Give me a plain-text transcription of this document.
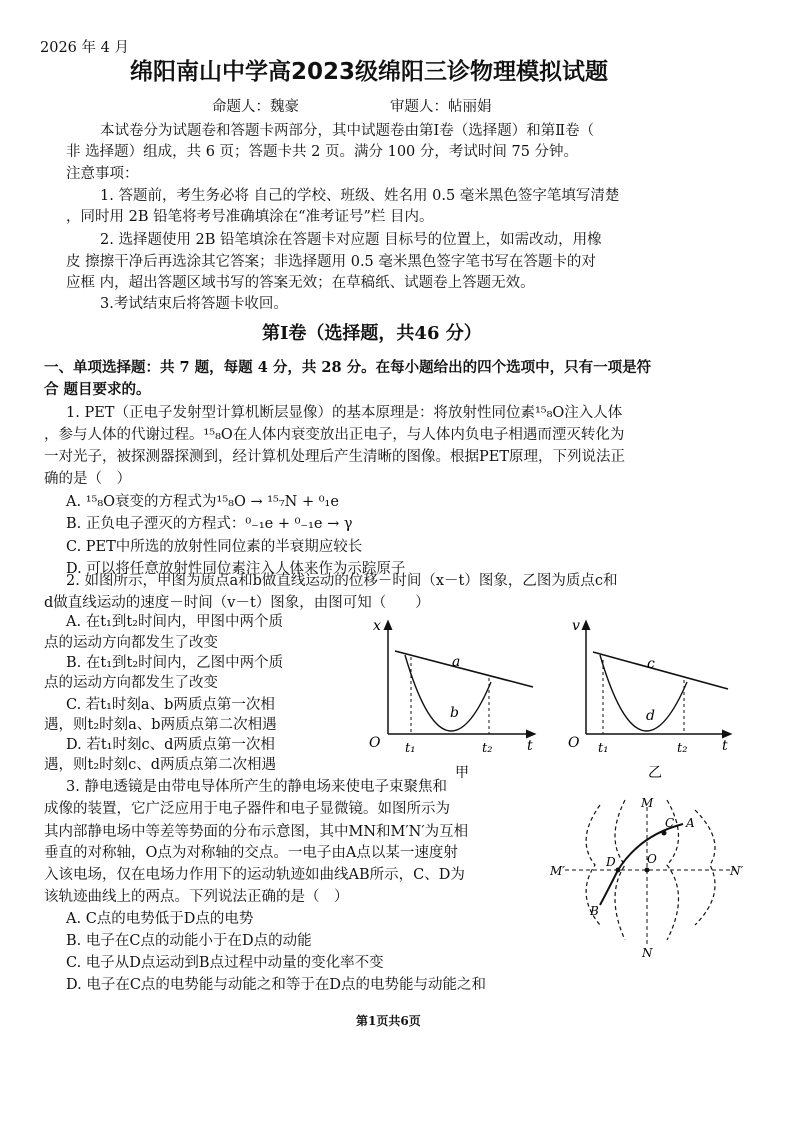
2026 年 4 月
绵阳南山中学高2023级绵阳三诊物理模拟试题
命题人：魏豪	审题人：帖丽娟
本试卷分为试题卷和答题卡两部分，其中试题卷由第Ⅰ卷（选择题）和第Ⅱ卷（
非 选择题）组成，共 6 页；答题卡共 2 页。满分 100 分，考试时间 75 分钟。
注意事项：
1. 答题前，考生务必将 自己的学校、班级、姓名用 0.5 毫米黑色签字笔填写清楚
，同时用 2B 铅笔将考号准确填涂在“准考证号”栏 目内。
2. 选择题使用 2B 铅笔填涂在答题卡对应题 目标号的位置上，如需改动，用橡
皮 擦擦干净后再选涂其它答案；非选择题用 0.5 毫米黑色签字笔书写在答题卡的对
应框 内，超出答题区域书写的答案无效；在草稿纸、试题卷上答题无效。
3.考试结束后将答题卡收回。
第Ⅰ卷（选择题，共46 分）
一、单项选择题：共 7 题，每题 4 分，共 28 分。在每小题给出的四个选项中，只有一项是符
合 题目要求的。
1. PET（正电子发射型计算机断层显像）的基本原理是：将放射性同位素¹⁵₈O注入人体
，参与人体的代谢过程。¹⁵₈O在人体内衰变放出正电子，与人体内负电子相遇而湮灭转化为
一对光子，被探测器探测到，经计算机处理后产生清晰的图像。根据PET原理，下列说法正
确的是（　）
A. ¹⁵₈O衰变的方程式为¹⁵₈O → ¹⁵₇N + ⁰₁e
B. 正负电子湮灭的方程式：⁰₋₁e + ⁰₋₁e → γ
C. PET中所选的放射性同位素的半衰期应较长
D. 可以将任意放射性同位素注入人体来作为示踪原子
2. 如图所示，甲图为质点a和b做直线运动的位移－时间（x－t）图象，乙图为质点c和
d做直线运动的速度－时间（v－t）图象，由图可知（　　）
A. 在t₁到t₂时间内，甲图中两个质
点的运动方向都发生了改变
B. 在t₁到t₂时间内，乙图中两个质
点的运动方向都发生了改变
C. 若t₁时刻a、b两质点第一次相
遇，则t₂时刻a、b两质点第二次相遇
D. 若t₁时刻c、d两质点第一次相
遇，则t₂时刻c、d两质点第二次相遇
x
O	t
t₁	t₂
a
b
甲
v
O	t
t₁	t₂
c
d
乙
3. 静电透镜是由带电导体所产生的静电场来使电子束聚焦和
成像的装置，它广泛应用于电子器件和电子显微镜。如图所示为
其内部静电场中等差等势面的分布示意图，其中MN和M′N′为互相
垂直的对称轴，O点为对称轴的交点。一电子由A点以某一速度射
入该电场，仅在电场力作用下的运动轨迹如曲线AB所示，C、D为
该轨迹曲线上的两点。下列说法正确的是（　）
A. C点的电势低于D点的电势
B. 电子在C点的动能小于在D点的动能
C. 电子从D点运动到B点过程中动量的变化率不变
D. 电子在C点的电势能与动能之和等于在D点的电势能与动能之和
M
N
M′	N′
A
B
C
D	O
第1页共6页
